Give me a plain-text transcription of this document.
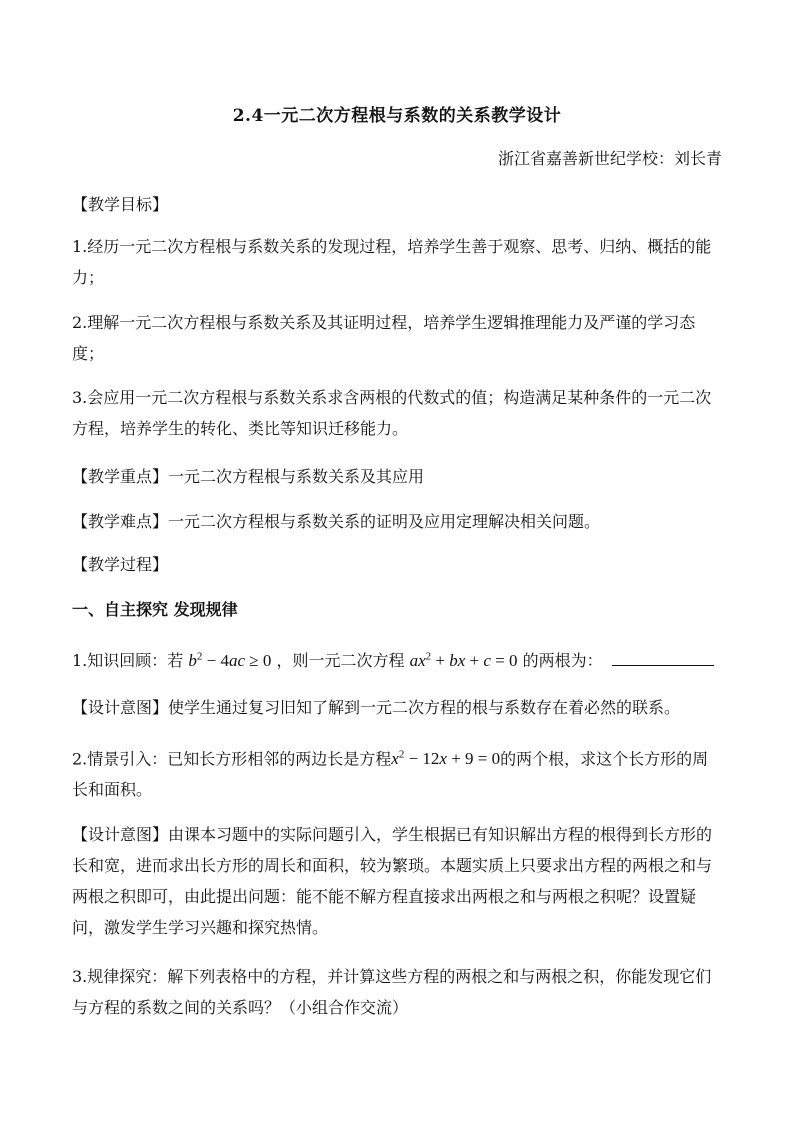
2.4一元二次方程根与系数的关系教学设计
浙江省嘉善新世纪学校：刘长青
【教学目标】
1.经历一元二次方程根与系数关系的发现过程，培养学生善于观察、思考、归纳、概括的能力；
2.理解一元二次方程根与系数关系及其证明过程，培养学生逻辑推理能力及严谨的学习态度；
3.会应用一元二次方程根与系数关系求含两根的代数式的值；构造满足某种条件的一元二次方程，培养学生的转化、类比等知识迁移能力。
【教学重点】一元二次方程根与系数关系及其应用
【教学难点】一元二次方程根与系数关系的证明及应用定理解决相关问题。
【教学过程】
一、自主探究 发现规律
1.知识回顾：若 $b^2 - 4ac \ge 0$ ，则一元二次方程 $ax^2$ + bx + c = 0 的两根为：
【设计意图】使学生通过复习旧知了解到一元二次方程的根与系数存在着必然的联系。
2.情景引入：已知长方形相邻的两边长是方程$x^2 - 12x + 9 = 0$的两个根，求这个长方形的周长和面积。
【设计意图】由课本习题中的实际问题引入，学生根据已有知识解出方程的根得到长方形的长和宽，进而求出长方形的周长和面积，较为繁琐。本题实质上只要求出方程的两根之和与两根之积即可，由此提出问题：能不能不解方程直接求出两根之和与两根之积呢？设置疑问，激发学生学习兴趣和探究热情。
3.规律探究：解下列表格中的方程，并计算这些方程的两根之和与两根之积，你能发现它们与方程的系数之间的关系吗？（小组合作交流）
